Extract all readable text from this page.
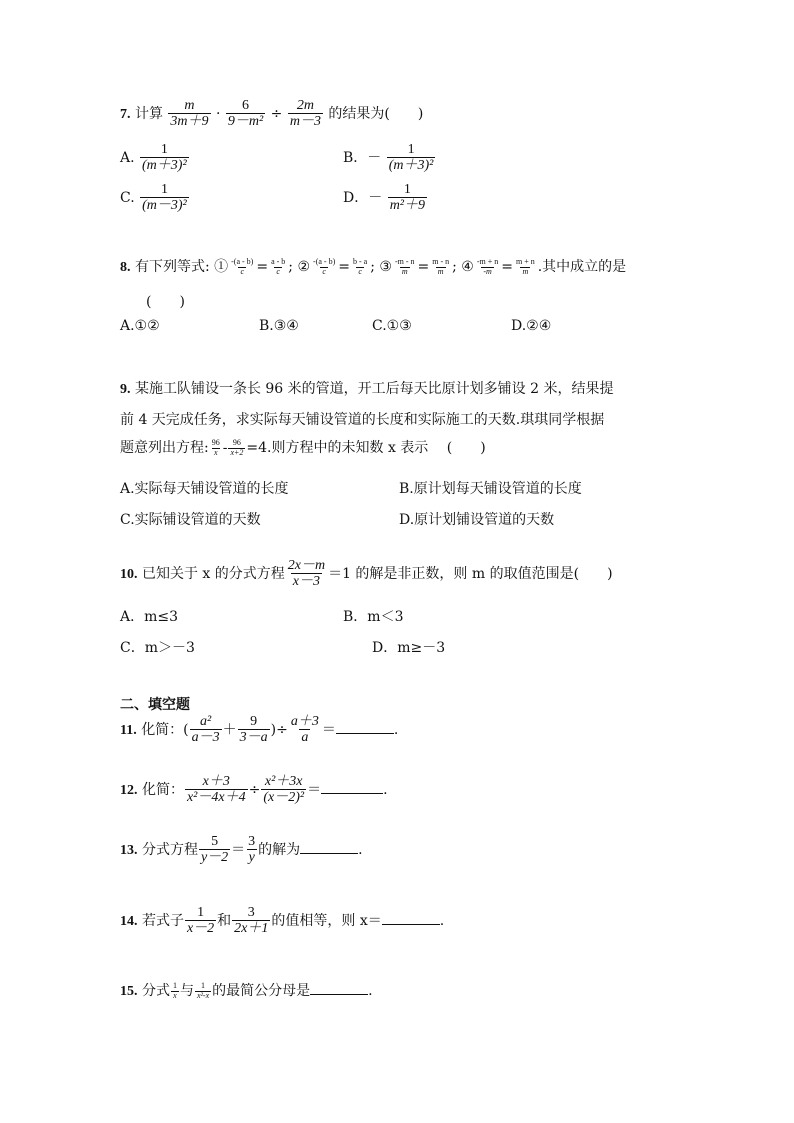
7. 计算 $\frac{m}{3m+9} \cdot \frac{6}{\text{9－m²}} \div \frac{2m}{m-3}$ 的结果为(　　)
A. $\frac{1}{\text{(m＋3)²}}$	B．－ $\frac{1}{\text{(m＋3)²}}$
C. $\frac{1}{\text{(m－3)²}}$	D．－ $\frac{1}{\text{m²＋9}}$
8. 有下列等式: ① $\frac{-(a - b)}{c} = \frac{a - b}{c}$ ; ② $\frac{-(a - b)}{c} = \frac{b - a}{c}$ ; ③ $\frac{-m - n}{m} = \frac{m - n}{m}$ ; ④ $\frac{-m + n}{-m} = \frac{m + n}{m}$ .其中成立的是
(　　)
A.①②	B.③④	C.①③	D.②④
9. 某施工队铺设一条长 96 米的管道，开工后每天比原计划多铺设 2 米，结果提
前 4 天完成任务，求实际每天铺设管道的长度和实际施工的天数.琪琪同学根据
题意列出方程: $\frac{96}{x} - \frac{96}{x+2} =4$.则方程中的未知数 x 表示　 (　　)
A.实际每天铺设管道的长度	B.原计划每天铺设管道的长度
C.实际铺设管道的天数	D.原计划铺设管道的天数
10. 已知关于 x 的分式方程 $\frac{2x-m}{x-3} =1$ 的解是非正数，则 m 的取值范围是(　　)
A．m≤3	B．m＜3
C．m＞－3	D．m≥－3
二、填空题
11. 化简：( $\frac{\text{a²}}{a-3} + \frac{9}{3-a}$ )÷ $\frac{a+3}{a}$ ＝	.
12. 化简： $\frac{x+3}{\text{x²－4x＋4}} \div \frac{\text{x²＋3x}}{\text{(x－2)²}}$ ＝	.
13. 分式方程 $\frac{5}{y-2} = \frac{3}{y}$ 的解为	.
14. 若式子 $\frac{1}{x-2}$ 和 $\frac{3}{2x+1}$ 的值相等，则 x＝	.
15. 分式 $\frac{1}{x}$ 与 $\frac{1}{\text{x²-x}}$ 的最简公分母是	.
